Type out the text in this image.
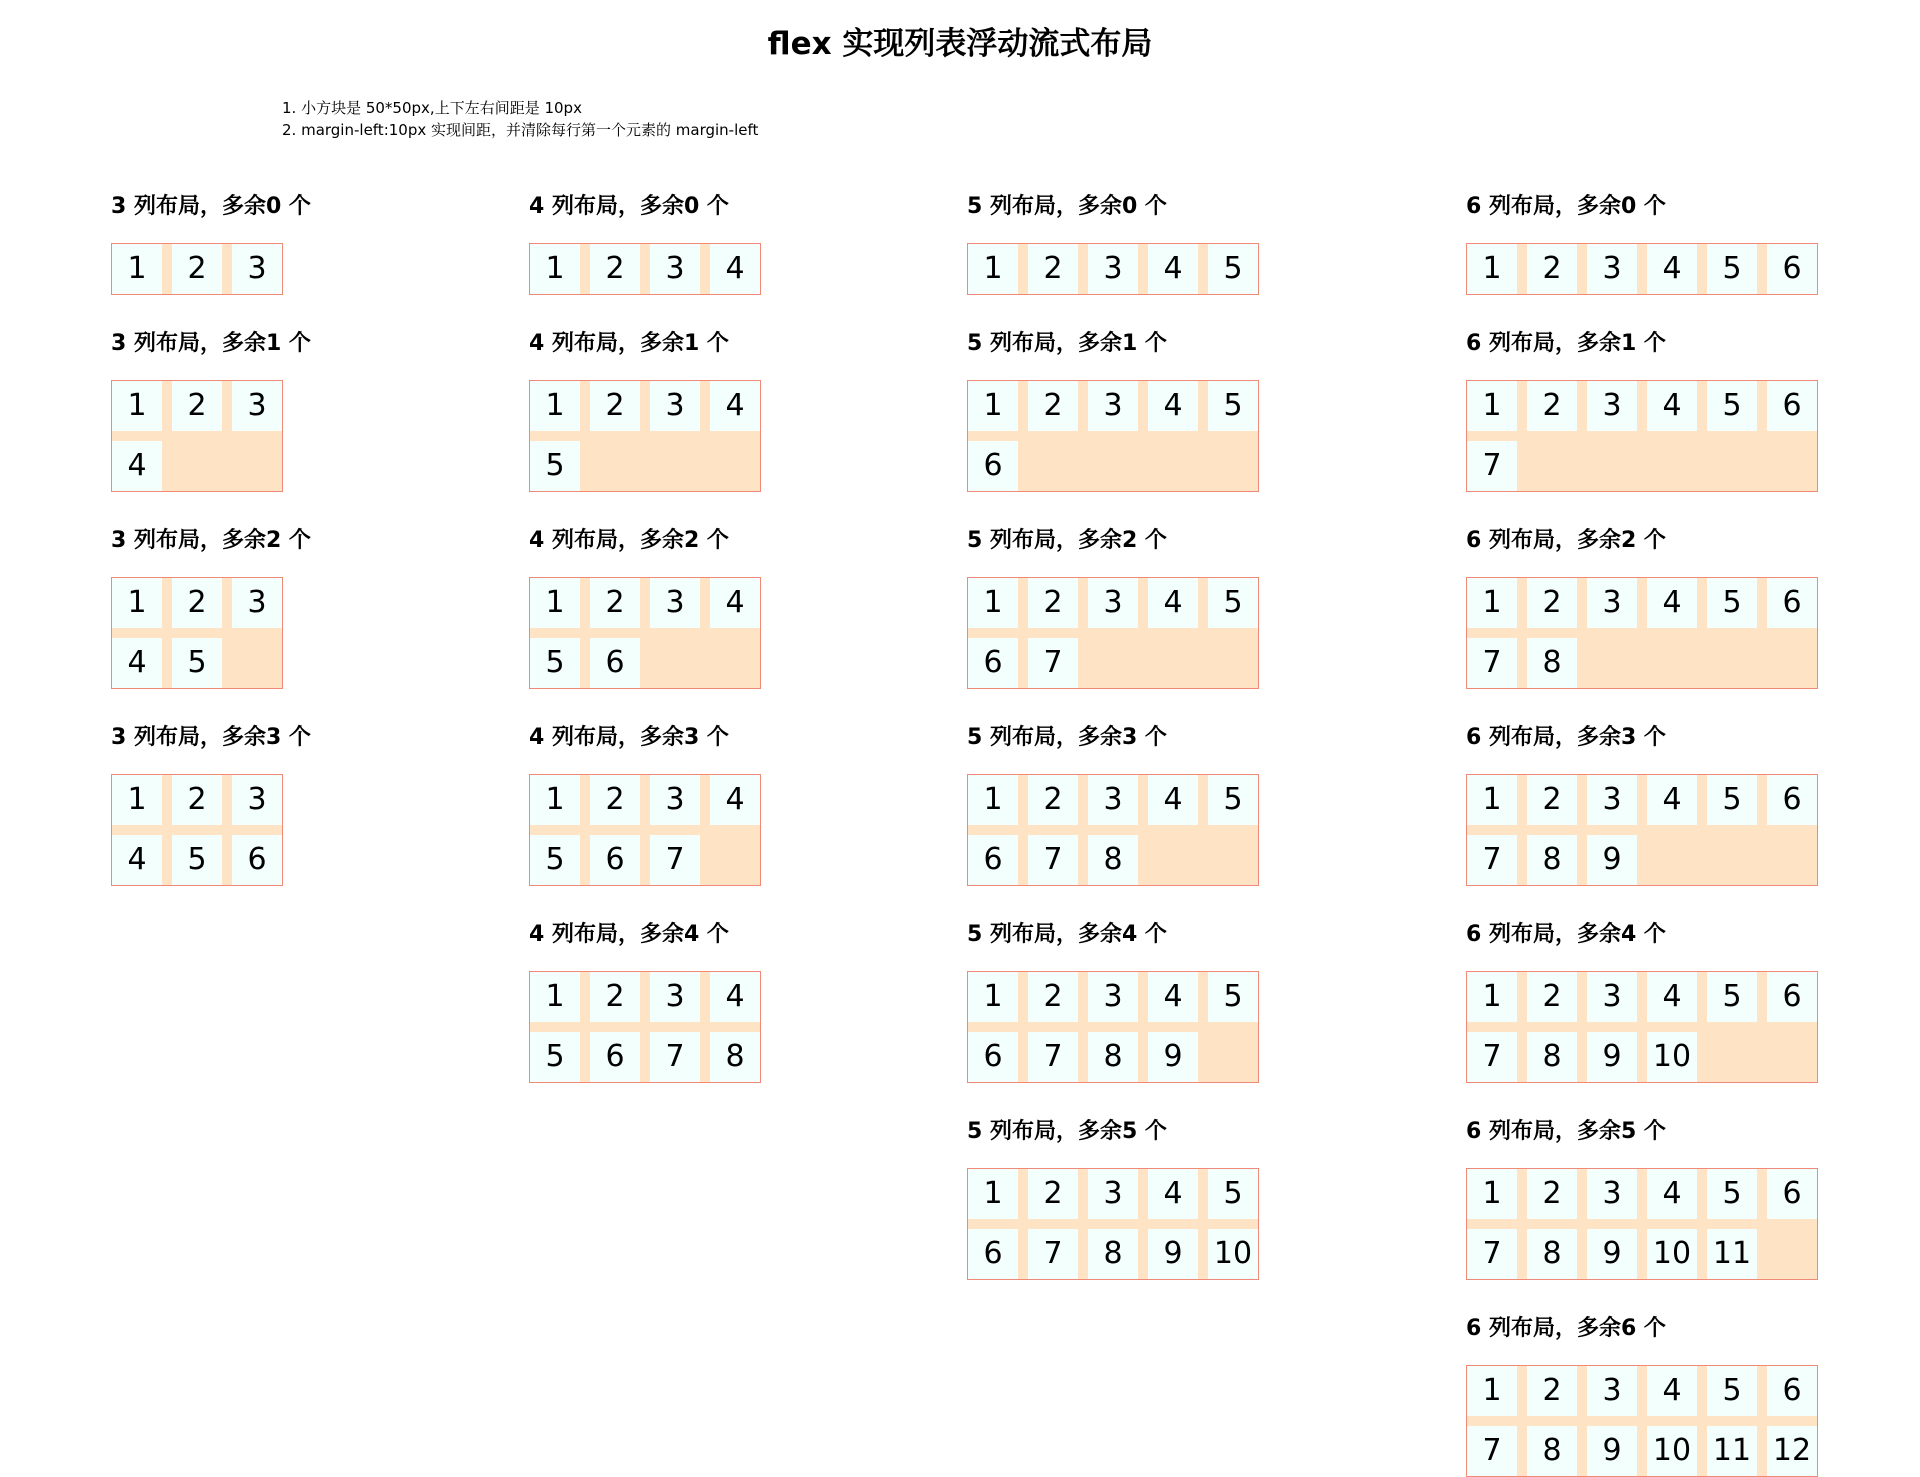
flex 实现列表浮动流式布局
1. 小方块是 50*50px,上下左右间距是 10px
2. margin-left:10px 实现间距，并清除每行第一个元素的 margin-left
3 列布局，多余0 个
1	2	3
3 列布局，多余1 个
1	2	3
4
3 列布局，多余2 个
1	2	3
4	5
3 列布局，多余3 个
1	2	3
4	5	6
4 列布局，多余0 个
1	2	3	4
4 列布局，多余1 个
1	2	3	4
5
4 列布局，多余2 个
1	2	3	4
5	6
4 列布局，多余3 个
1	2	3	4
5	6	7
4 列布局，多余4 个
1	2	3	4
5	6	7	8
5 列布局，多余0 个
1	2	3	4	5
5 列布局，多余1 个
1	2	3	4	5
6
5 列布局，多余2 个
1	2	3	4	5
6	7
5 列布局，多余3 个
1	2	3	4	5
6	7	8
5 列布局，多余4 个
1	2	3	4	5
6	7	8	9
5 列布局，多余5 个
1	2	3	4	5
6	7	8	9	10
6 列布局，多余0 个
1	2	3	4	5	6
6 列布局，多余1 个
1	2	3	4	5	6
7
6 列布局，多余2 个
1	2	3	4	5	6
7	8
6 列布局，多余3 个
1	2	3	4	5	6
7	8	9
6 列布局，多余4 个
1	2	3	4	5	6
7	8	9	10
6 列布局，多余5 个
1	2	3	4	5	6
7	8	9	10 11
6 列布局，多余6 个
1	2	3	4	5	6
7	8	9	10 11 12
